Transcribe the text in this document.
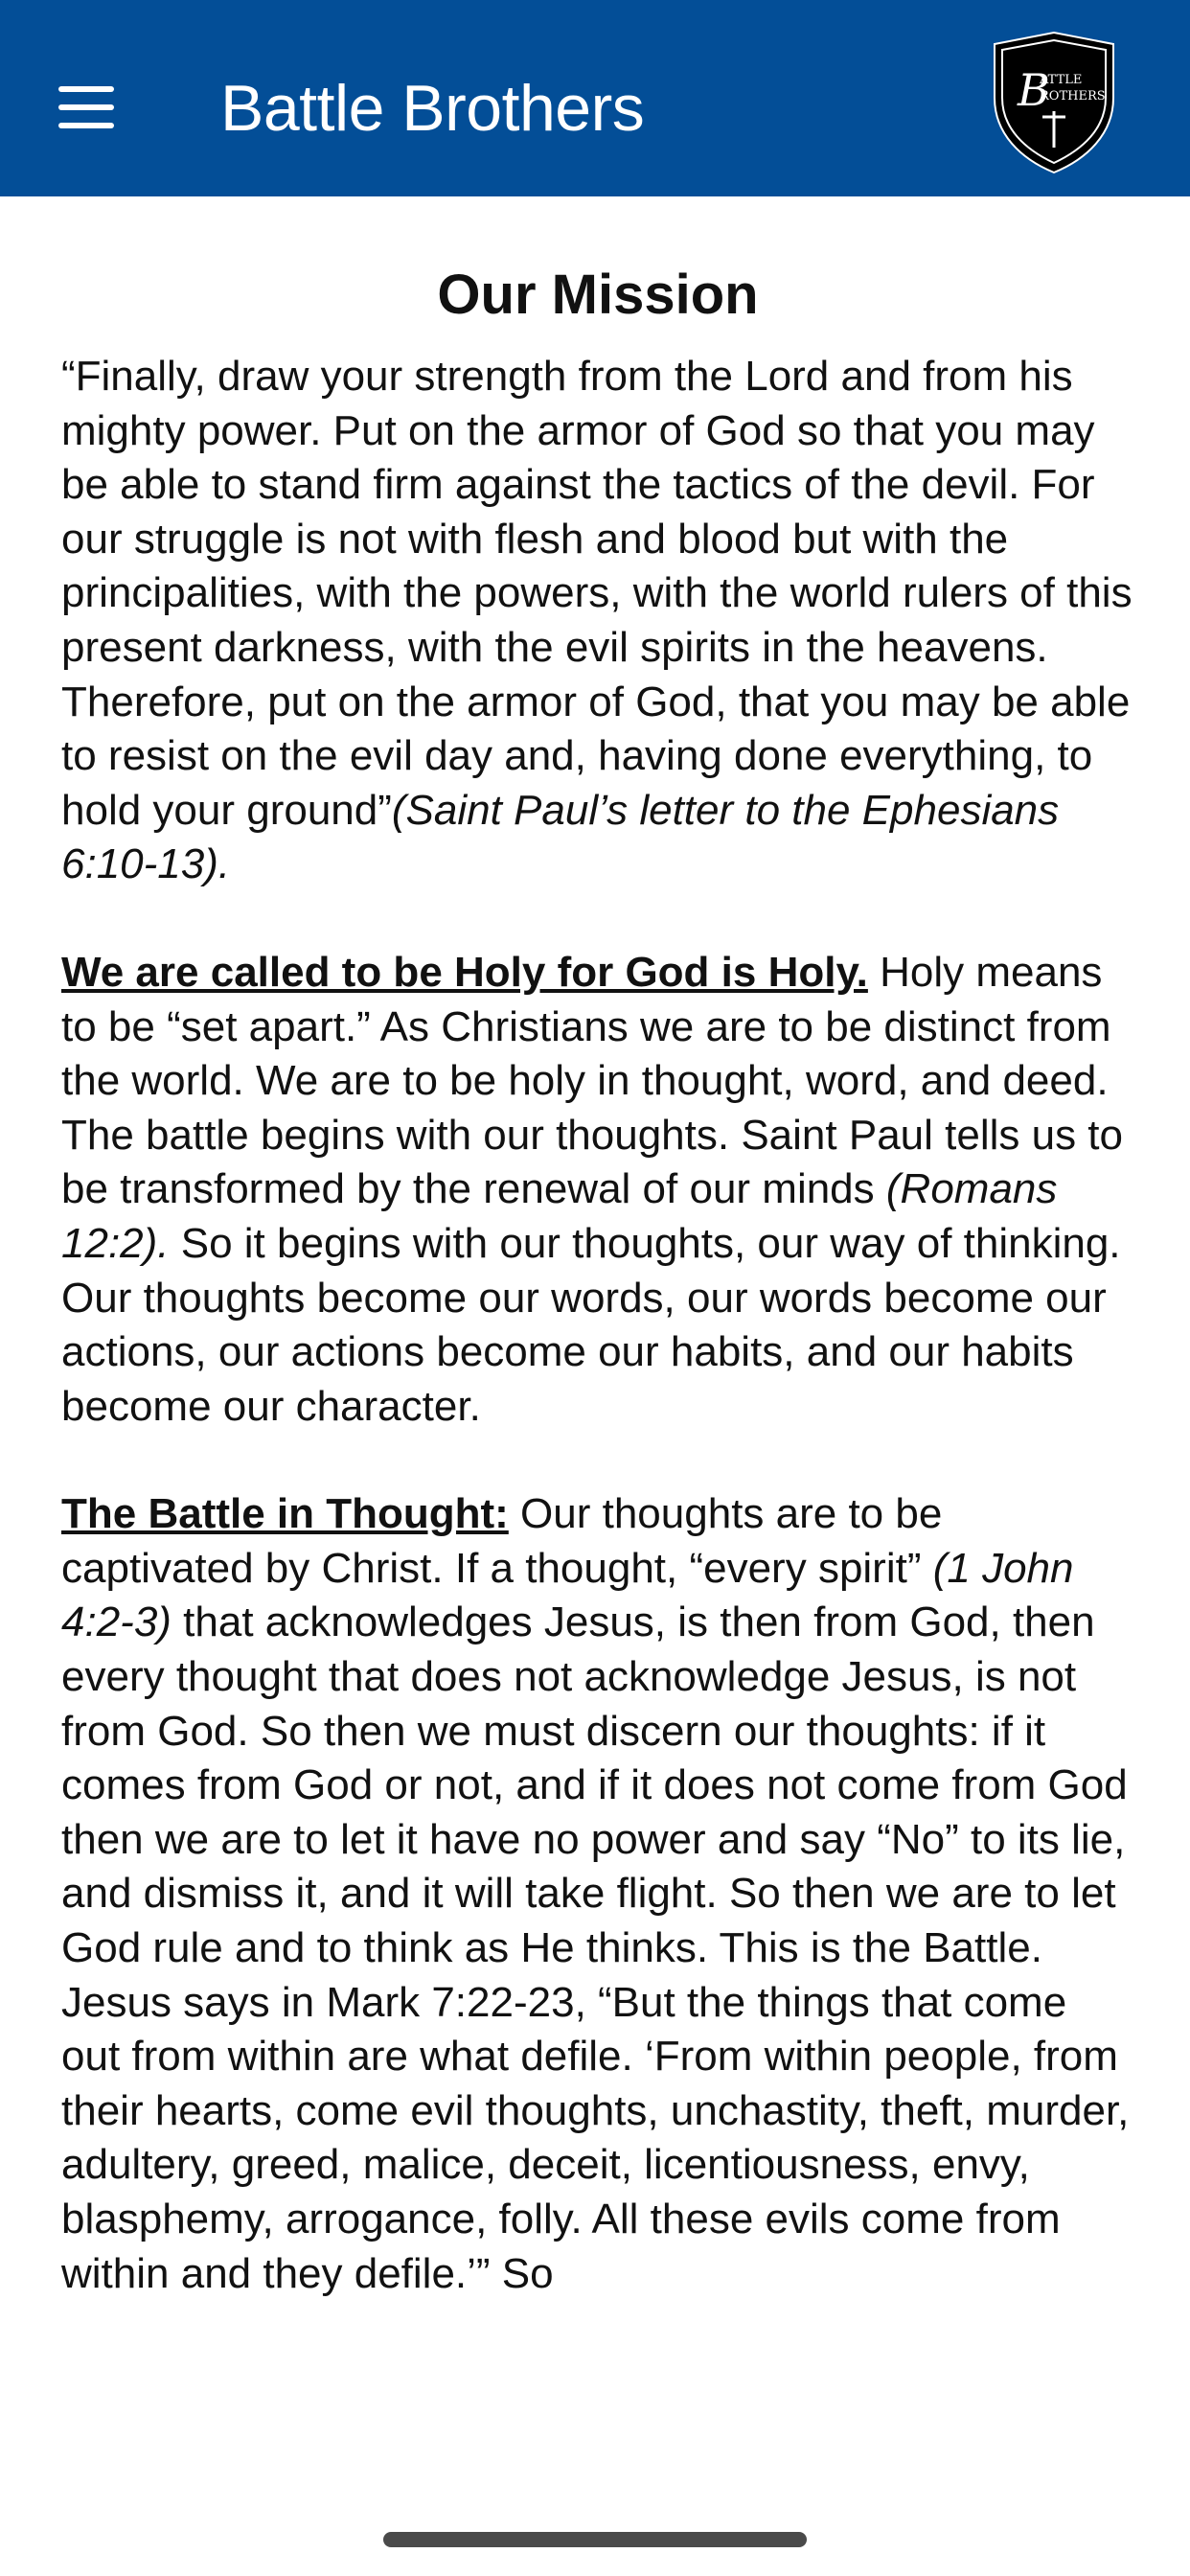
Battle Brothers	B
ATTLE
ROTHERS
Our Mission

“Finally, draw your strength from the Lord and from his mighty power. Put on the armor of God so that you may be able to stand firm against the tactics of the devil. For our struggle is not with flesh and blood but with the principalities, with the powers, with the world rulers of this present darkness, with the evil spirits in the heavens. Therefore, put on the armor of God, that you may be able to resist on the evil day and, having done everything, to hold your ground”(Saint Paul’s letter to the Ephesians 6:10-13).

We are called to be Holy for God is Holy. Holy means to be “set apart.” As Christians we are to be distinct from the world. We are to be holy in thought, word, and deed. The battle begins with our thoughts. Saint Paul tells us to be transformed by the renewal of our minds (Romans 12:2). So it begins with our thoughts, our way of thinking. Our thoughts become our words, our words become our actions, our actions become our habits, and our habits become our character.

The Battle in Thought: Our thoughts are to be captivated by Christ. If a thought, “every spirit” (1 John 4:2-3) that acknowledges Jesus, is then from God, then every thought that does not acknowledge Jesus, is not from God. So then we must discern our thoughts: if it comes from God or not, and if it does not come from God then we are to let it have no power and say “No” to its lie, and dismiss it, and it will take flight. So then we are to let God rule and to think as He thinks. This is the Battle. Jesus says in Mark 7:22-23, “But the things that come out from within are what defile. ‘From within people, from their hearts, come evil thoughts, unchastity, theft, murder, adultery, greed, malice, deceit, licentiousness, envy, blasphemy, arrogance, folly. All these evils come from within and they defile.’” So
